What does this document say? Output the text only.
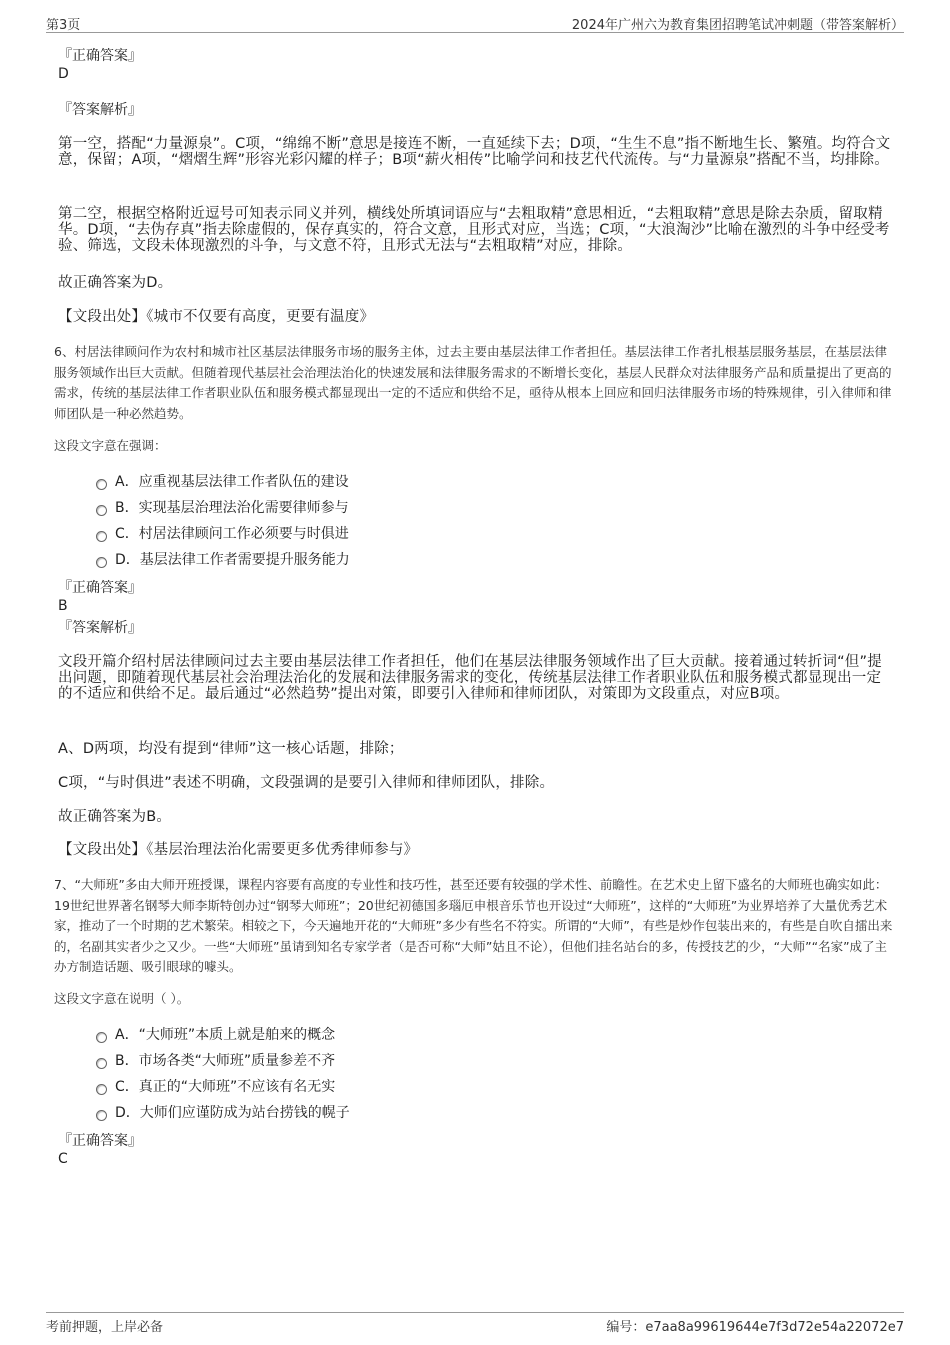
第3页	2024年广州六为教育集团招聘笔试冲刺题（带答案解析）
『正确答案』
D
『答案解析』
第一空，搭配“力量源泉”。C项，“绵绵不断”意思是接连不断，一直延续下去；D项，“生生不息”指不断地生长、繁殖。均符合文意，保留；A项，“熠熠生辉”形容光彩闪耀的样子；B项“薪火相传”比喻学问和技艺代代流传。与“力量源泉”搭配不当，均排除。
第二空，根据空格附近逗号可知表示同义并列，横线处所填词语应与“去粗取精”意思相近，“去粗取精”意思是除去杂质，留取精华。D项，“去伪存真”指去除虚假的，保存真实的，符合文意，且形式对应，当选；C项，“大浪淘沙”比喻在激烈的斗争中经受考验、筛选，文段未体现激烈的斗争，与文意不符，且形式无法与“去粗取精”对应，排除。
故正确答案为D。
【文段出处】《城市不仅要有高度，更要有温度》
6、村居法律顾问作为农村和城市社区基层法律服务市场的服务主体，过去主要由基层法律工作者担任。基层法律工作者扎根基层服务基层，在基层法律服务领域作出巨大贡献。但随着现代基层社会治理法治化的快速发展和法律服务需求的不断增长变化，基层人民群众对法律服务产品和质量提出了更高的需求，传统的基层法律工作者职业队伍和服务模式都显现出一定的不适应和供给不足，亟待从根本上回应和回归法律服务市场的特殊规律，引入律师和律师团队是一种必然趋势。
这段文字意在强调：
A．应重视基层法律工作者队伍的建设
B．实现基层治理法治化需要律师参与
C．村居法律顾问工作必须要与时俱进
D．基层法律工作者需要提升服务能力
『正确答案』
B
『答案解析』
文段开篇介绍村居法律顾问过去主要由基层法律工作者担任，他们在基层法律服务领域作出了巨大贡献。接着通过转折词“但”提出问题，即随着现代基层社会治理法治化的发展和法律服务需求的变化，传统基层法律工作者职业队伍和服务模式都显现出一定的不适应和供给不足。最后通过“必然趋势”提出对策，即要引入律师和律师团队，对策即为文段重点，对应B项。
A、D两项，均没有提到“律师”这一核心话题，排除；
C项，“与时俱进”表述不明确，文段强调的是要引入律师和律师团队，排除。
故正确答案为B。
【文段出处】《基层治理法治化需要更多优秀律师参与》
7、“大师班”多由大师开班授课，课程内容要有高度的专业性和技巧性，甚至还要有较强的学术性、前瞻性。在艺术史上留下盛名的大师班也确实如此：19世纪世界著名钢琴大师李斯特创办过“钢琴大师班”；20世纪初德国多瑙厄申根音乐节也开设过“大师班”，这样的“大师班”为业界培养了大量优秀艺术家，推动了一个时期的艺术繁荣。相较之下，今天遍地开花的“大师班”多少有些名不符实。所谓的“大师”，有些是炒作包装出来的，有些是自吹自擂出来的，名副其实者少之又少。一些“大师班”虽请到知名专家学者（是否可称“大师”姑且不论），但他们挂名站台的多，传授技艺的少，“大师”“名家”成了主办方制造话题、吸引眼球的噱头。
这段文字意在说明（ ）。
A．“大师班”本质上就是舶来的概念
B．市场各类“大师班”质量参差不齐
C．真正的“大师班”不应该有名无实
D．大师们应谨防成为站台捞钱的幌子
『正确答案』
C
考前押题，上岸必备	编号：e7aa8a99619644e7f3d72e54a22072e7
